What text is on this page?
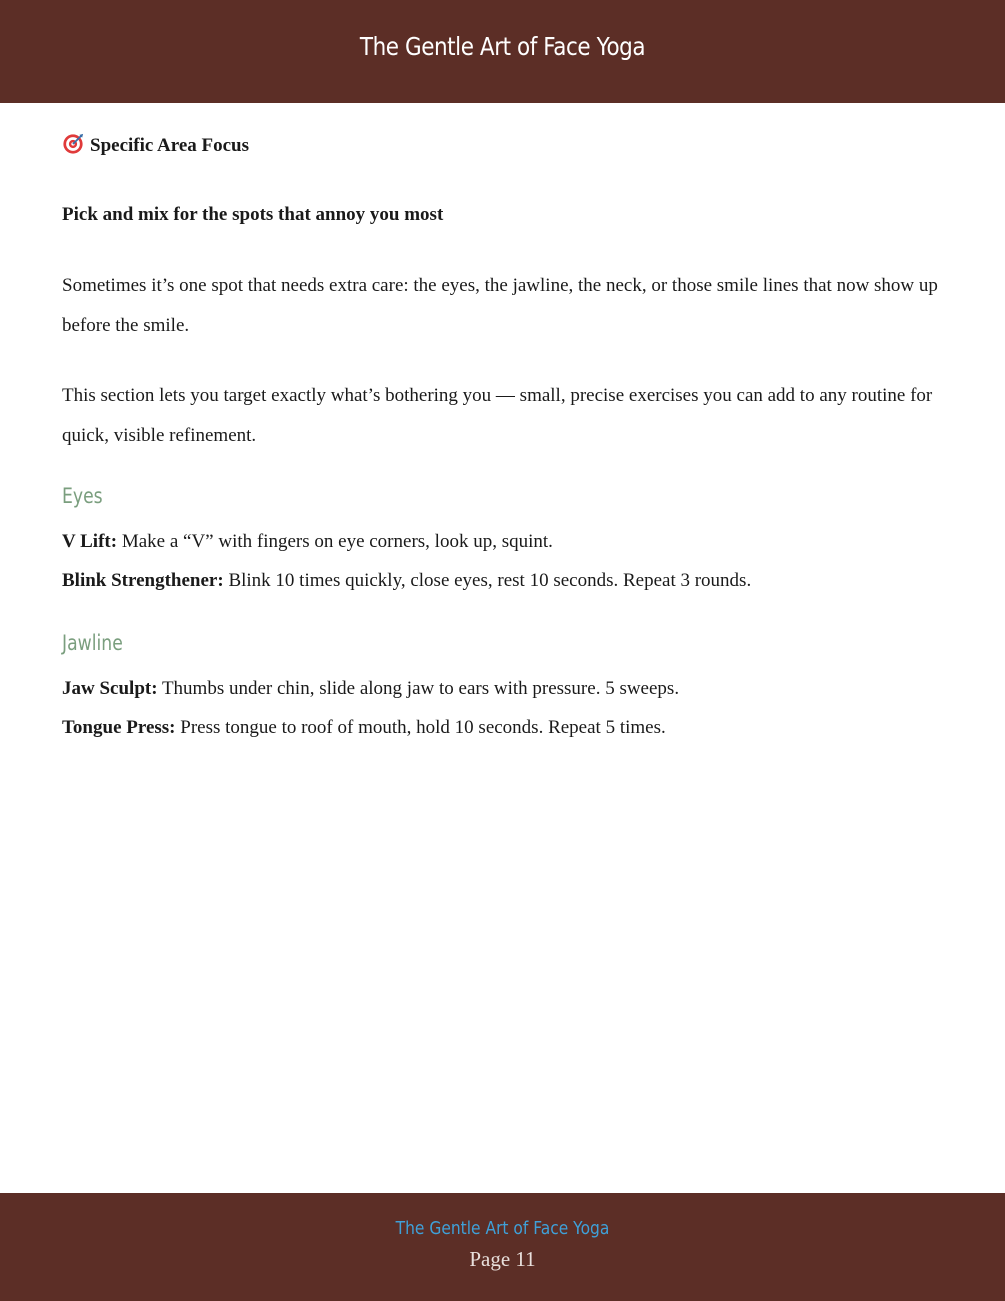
The Gentle Art of Face Yoga
Specific Area Focus
Pick and mix for the spots that annoy you most
Sometimes it’s one spot that needs extra care: the eyes, the jawline, the neck, or those smile lines that now show up before the smile.
This section lets you target exactly what’s bothering you — small, precise exercises you can add to any routine for quick, visible refinement.
Eyes
V Lift: Make a “V” with fingers on eye corners, look up, squint.
Blink Strengthener: Blink 10 times quickly, close eyes, rest 10 seconds. Repeat 3 rounds.
Jawline
Jaw Sculpt: Thumbs under chin, slide along jaw to ears with pressure. 5 sweeps.
Tongue Press: Press tongue to roof of mouth, hold 10 seconds. Repeat 5 times.
The Gentle Art of Face Yoga
Page 11
